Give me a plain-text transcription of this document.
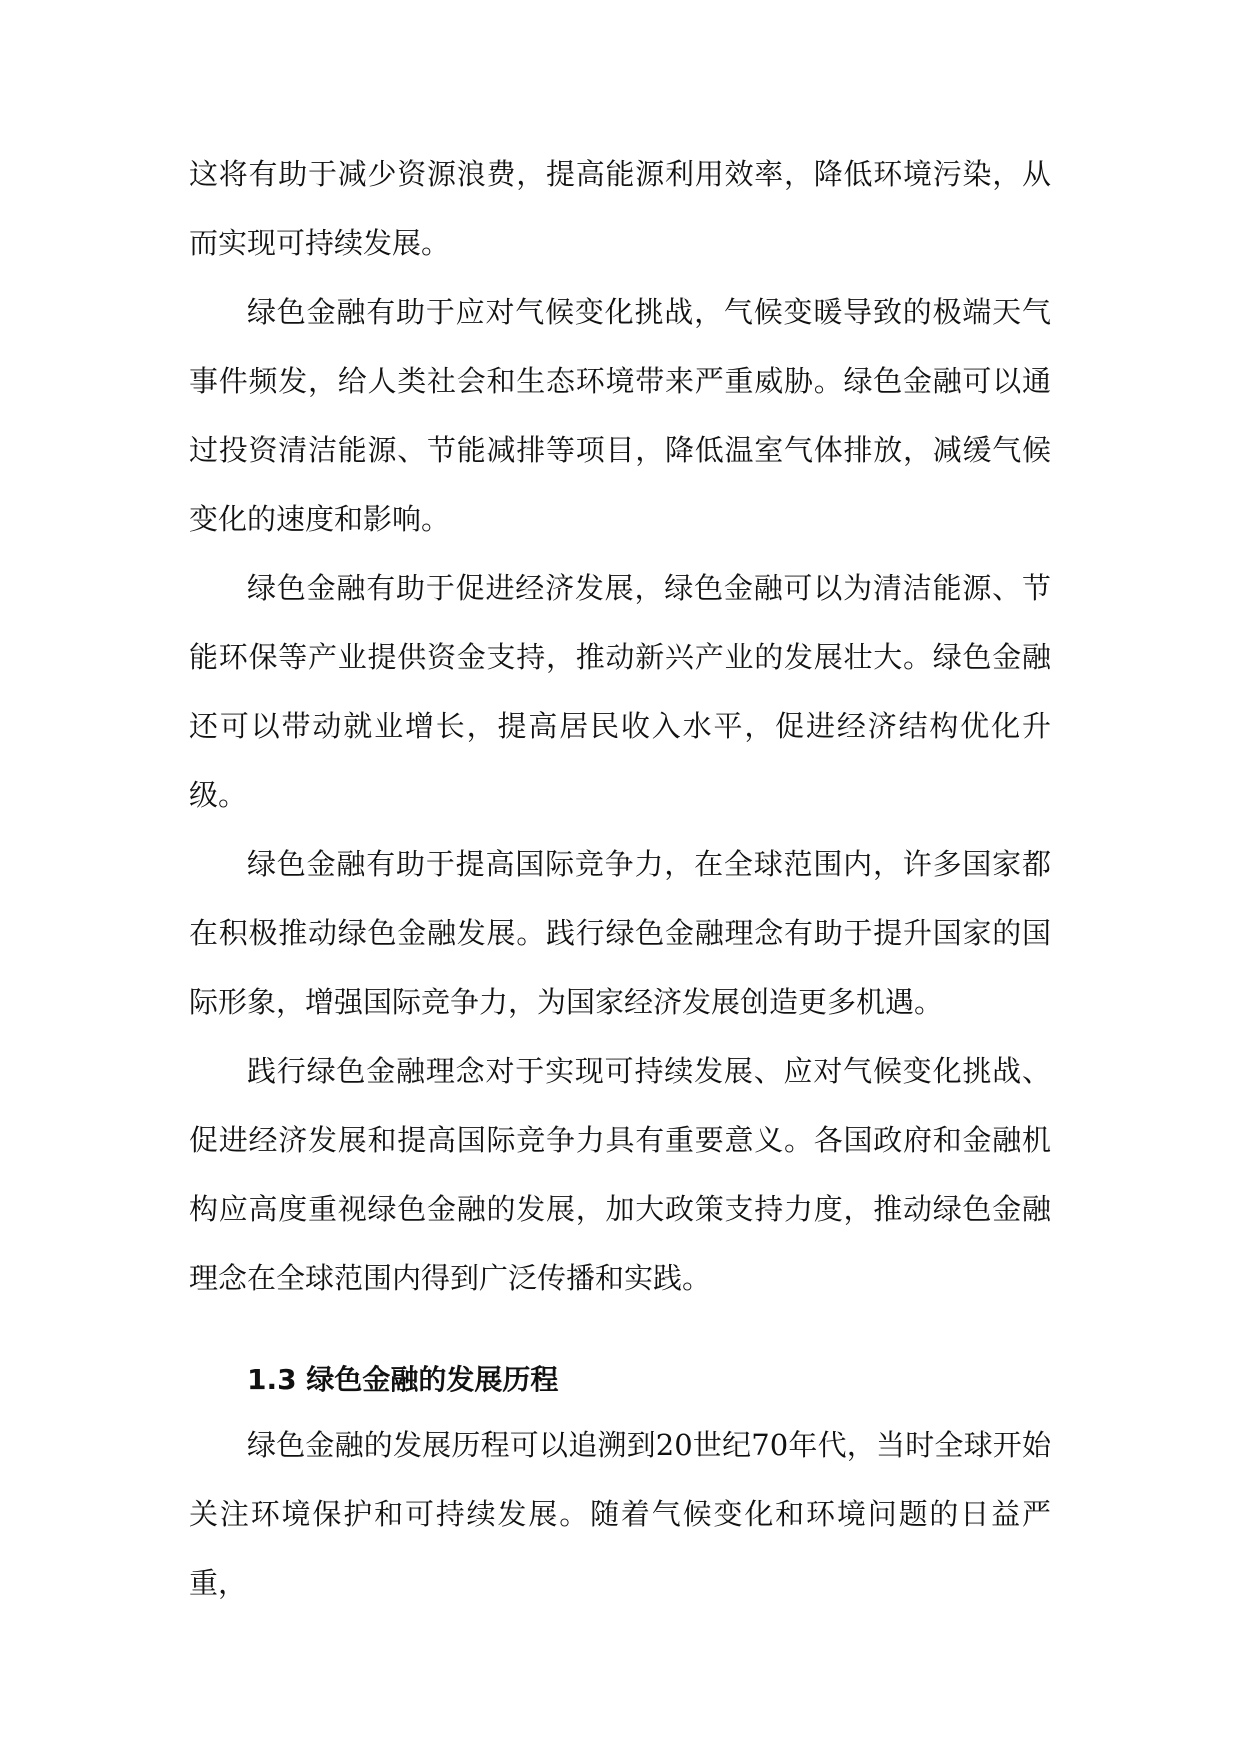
这将有助于减少资源浪费，提高能源利用效率，降低环境污染，从而实现可持续发展。

绿色金融有助于应对气候变化挑战，气候变暖导致的极端天气事件频发，给人类社会和生态环境带来严重威胁。绿色金融可以通过投资清洁能源、节能减排等项目，降低温室气体排放，减缓气候变化的速度和影响。

绿色金融有助于促进经济发展，绿色金融可以为清洁能源、节能环保等产业提供资金支持，推动新兴产业的发展壮大。绿色金融还可以带动就业增长，提高居民收入水平，促进经济结构优化升级。

绿色金融有助于提高国际竞争力，在全球范围内，许多国家都在积极推动绿色金融发展。践行绿色金融理念有助于提升国家的国际形象，增强国际竞争力，为国家经济发展创造更多机遇。

践行绿色金融理念对于实现可持续发展、应对气候变化挑战、促进经济发展和提高国际竞争力具有重要意义。各国政府和金融机构应高度重视绿色金融的发展，加大政策支持力度，推动绿色金融理念在全球范围内得到广泛传播和实践。

1.3 绿色金融的发展历程

绿色金融的发展历程可以追溯到20世纪70年代，当时全球开始关注环境保护和可持续发展。随着气候变化和环境问题的日益严重，
